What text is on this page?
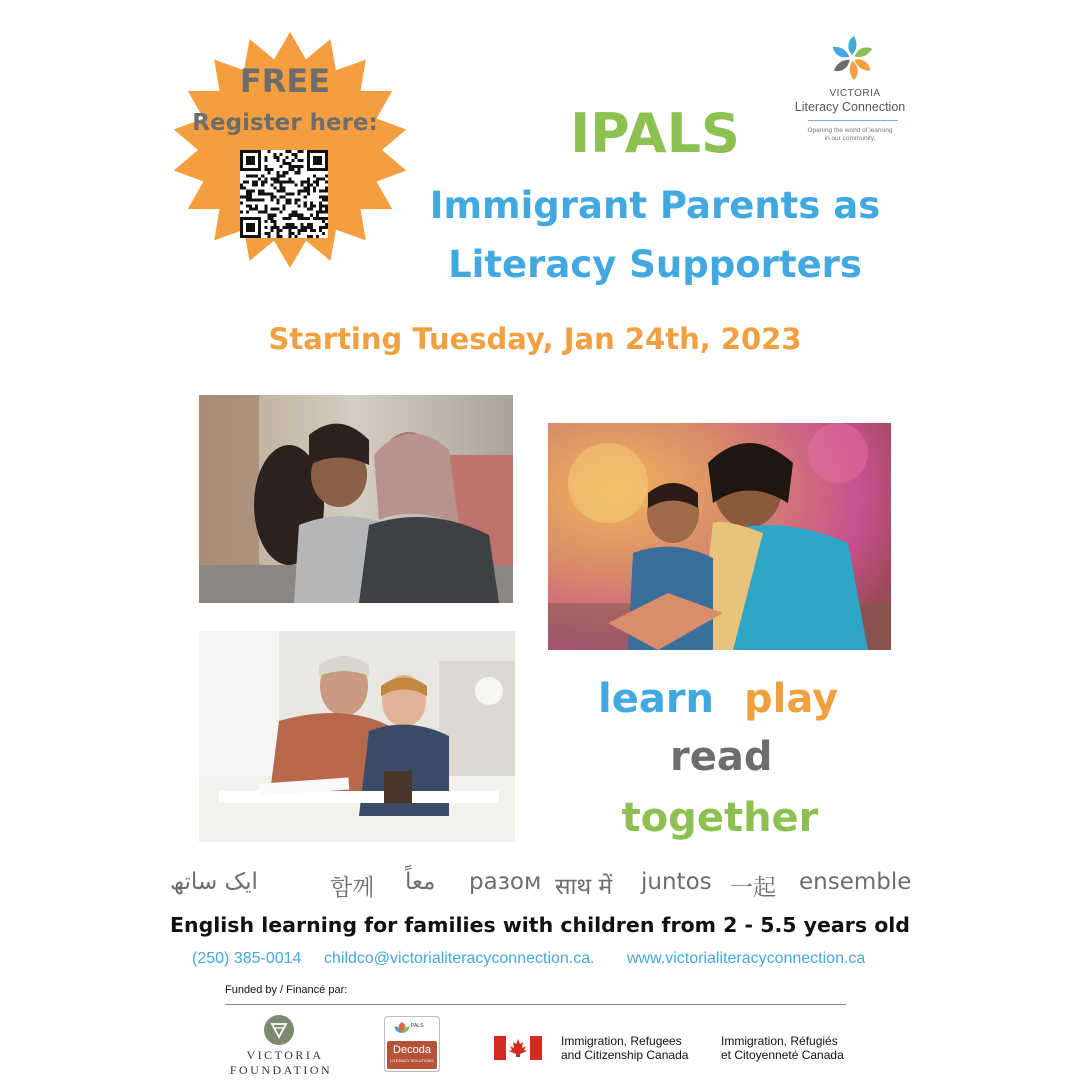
FREE
Register here:
VICTORIA
Literacy Connection
Opening the world of learning
in our community.
IPALS
Immigrant Parents as
Literacy Supporters
Starting Tuesday, Jan 24th, 2023
learn play
read
together
ایک ساتھ	함께 معاً разом साथ में juntos 一起 ensemble
English learning for families with children from 2 - 5.5 years old
(250) 385-0014 childco@victorialiteracyconnection.ca. www.victorialiteracyconnection.ca
Funded by / Financé par:
VICTORIA
FOUNDATION
PALS
Decoda
LITERACY SOLUTIONS
Immigration, Refugees
and Citizenship Canada
Immigration, Réfugiés
et Citoyenneté Canada
